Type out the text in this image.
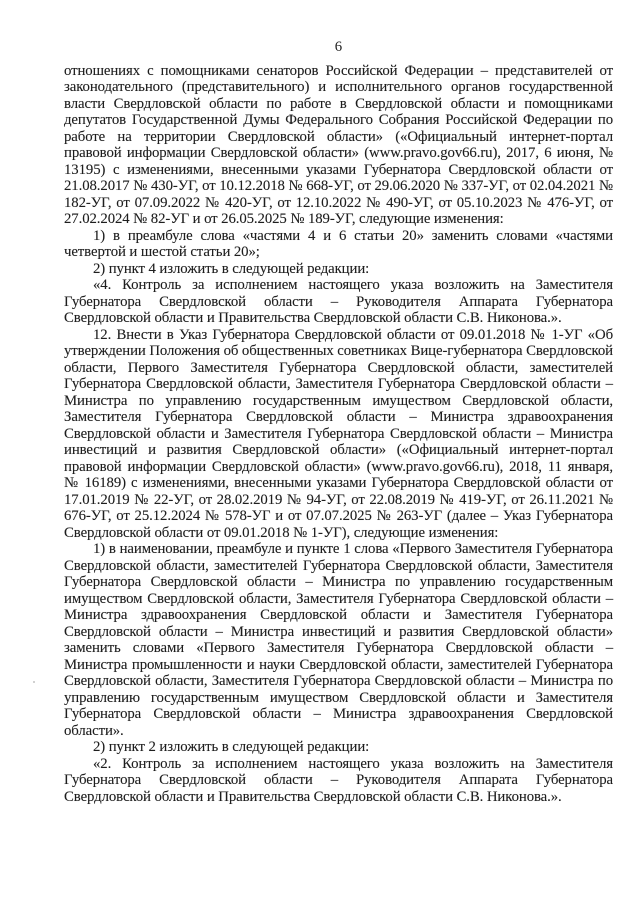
6

отношениях с помощниками сенаторов Российской Федерации – представителей от законодательного (представительного) и исполнительного органов государственной власти Свердловской области по работе в Свердловской области и помощниками депутатов Государственной Думы Федерального Собрания Российской Федерации по работе на территории Свердловской области» («Официальный интернет-портал правовой информации Свердловской области» (www.pravo.gov66.ru), 2017, 6 июня, № 13195) с изменениями, внесенными указами Губернатора Свердловской области от 21.08.2017 № 430-УГ, от 10.12.2018 № 668-УГ, от 29.06.2020 № 337-УГ, от 02.04.2021 № 182-УГ, от 07.09.2022 № 420-УГ, от 12.10.2022 № 490-УГ, от 05.10.2023 № 476-УГ, от 27.02.2024 № 82-УГ и от 26.05.2025 № 189-УГ, следующие изменения:

1) в преамбуле слова «частями 4 и 6 статьи 20» заменить словами «частями четвертой и шестой статьи 20»;

2) пункт 4 изложить в следующей редакции:

«4. Контроль за исполнением настоящего указа возложить на Заместителя Губернатора Свердловской области – Руководителя Аппарата Губернатора Свердловской области и Правительства Свердловской области С.В. Никонова.».

12. Внести в Указ Губернатора Свердловской области от 09.01.2018 № 1-УГ «Об утверждении Положения об общественных советниках Вице-губернатора Свердловской области, Первого Заместителя Губернатора Свердловской области, заместителей Губернатора Свердловской области, Заместителя Губернатора Свердловской области – Министра по управлению государственным имуществом Свердловской области, Заместителя Губернатора Свердловской области – Министра здравоохранения Свердловской области и Заместителя Губернатора Свердловской области – Министра инвестиций и развития Свердловской области» («Официальный интернет-портал правовой информации Свердловской области» (www.pravo.gov66.ru), 2018, 11 января, № 16189) с изменениями, внесенными указами Губернатора Свердловской области от 17.01.2019 № 22-УГ, от 28.02.2019 № 94-УГ, от 22.08.2019 № 419-УГ, от 26.11.2021 № 676-УГ, от 25.12.2024 № 578-УГ и от 07.07.2025 № 263-УГ (далее – Указ Губернатора Свердловской области от 09.01.2018 № 1-УГ), следующие изменения:

1) в наименовании, преамбуле и пункте 1 слова «Первого Заместителя Губернатора Свердловской области, заместителей Губернатора Свердловской области, Заместителя Губернатора Свердловской области – Министра по управлению государственным имуществом Свердловской области, Заместителя Губернатора Свердловской области – Министра здравоохранения Свердловской области и Заместителя Губернатора Свердловской области – Министра инвестиций и развития Свердловской области» заменить словами «Первого Заместителя Губернатора Свердловской области – Министра промышленности и науки Свердловской области, заместителей Губернатора Свердловской области, Заместителя Губернатора Свердловской области – Министра по управлению государственным имуществом Свердловской области и Заместителя Губернатора Свердловской области – Министра здравоохранения Свердловской области».

2) пункт 2 изложить в следующей редакции:

«2. Контроль за исполнением настоящего указа возложить на Заместителя Губернатора Свердловской области – Руководителя Аппарата Губернатора Свердловской области и Правительства Свердловской области С.В. Никонова.».
